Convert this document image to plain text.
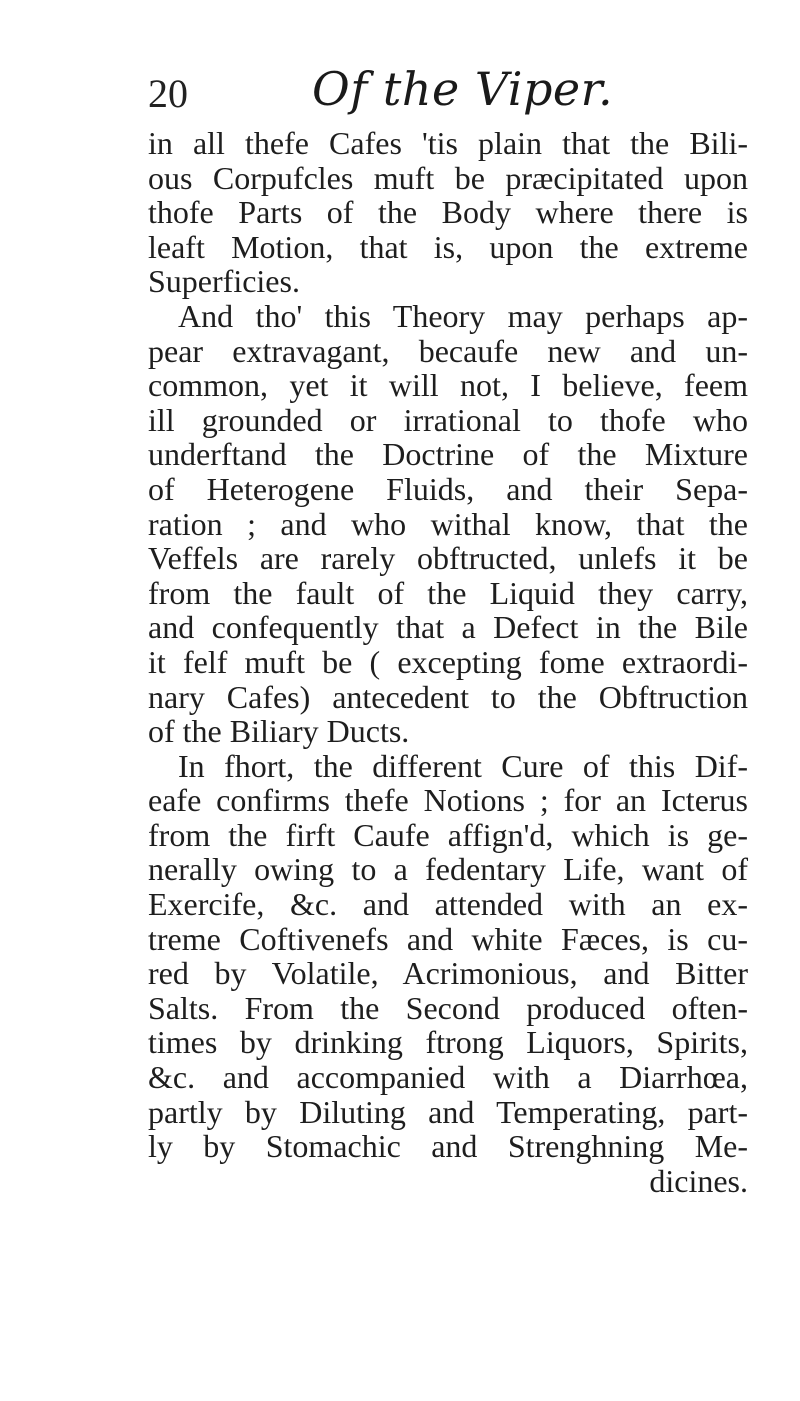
20	Of the Viper.
in all thefe Cafes 'tis plain that the Bili-
ous Corpufcles muft be præcipitated upon
thofe Parts of the Body where there is
leaft Motion, that is, upon the extreme
Superficies.
And tho' this Theory may perhaps ap-
pear extravagant, becaufe new and un-
common, yet it will not, I believe, feem
ill grounded or irrational to thofe who
underftand the Doctrine of the Mixture
of Heterogene Fluids, and their Sepa-
ration ; and who withal know, that the
Veffels are rarely obftructed, unlefs it be
from the fault of the Liquid they carry,
and confequently that a Defect in the Bile
it felf muft be ( excepting fome extraordi-
nary Cafes) antecedent to the Obftruction
of the Biliary Ducts.
In fhort, the different Cure of this Dif-
eafe confirms thefe Notions ; for an Icterus
from the firft Caufe affign'd, which is ge-
nerally owing to a fedentary Life, want of
Exercife, &c. and attended with an ex-
treme Coftivenefs and white Fæces, is cu-
red by Volatile, Acrimonious, and Bitter
Salts. From the Second produced often-
times by drinking ftrong Liquors, Spirits,
&c. and accompanied with a Diarrhœa,
partly by Diluting and Temperating, part-
ly by Stomachic and Strenghning Me-
dicines.
